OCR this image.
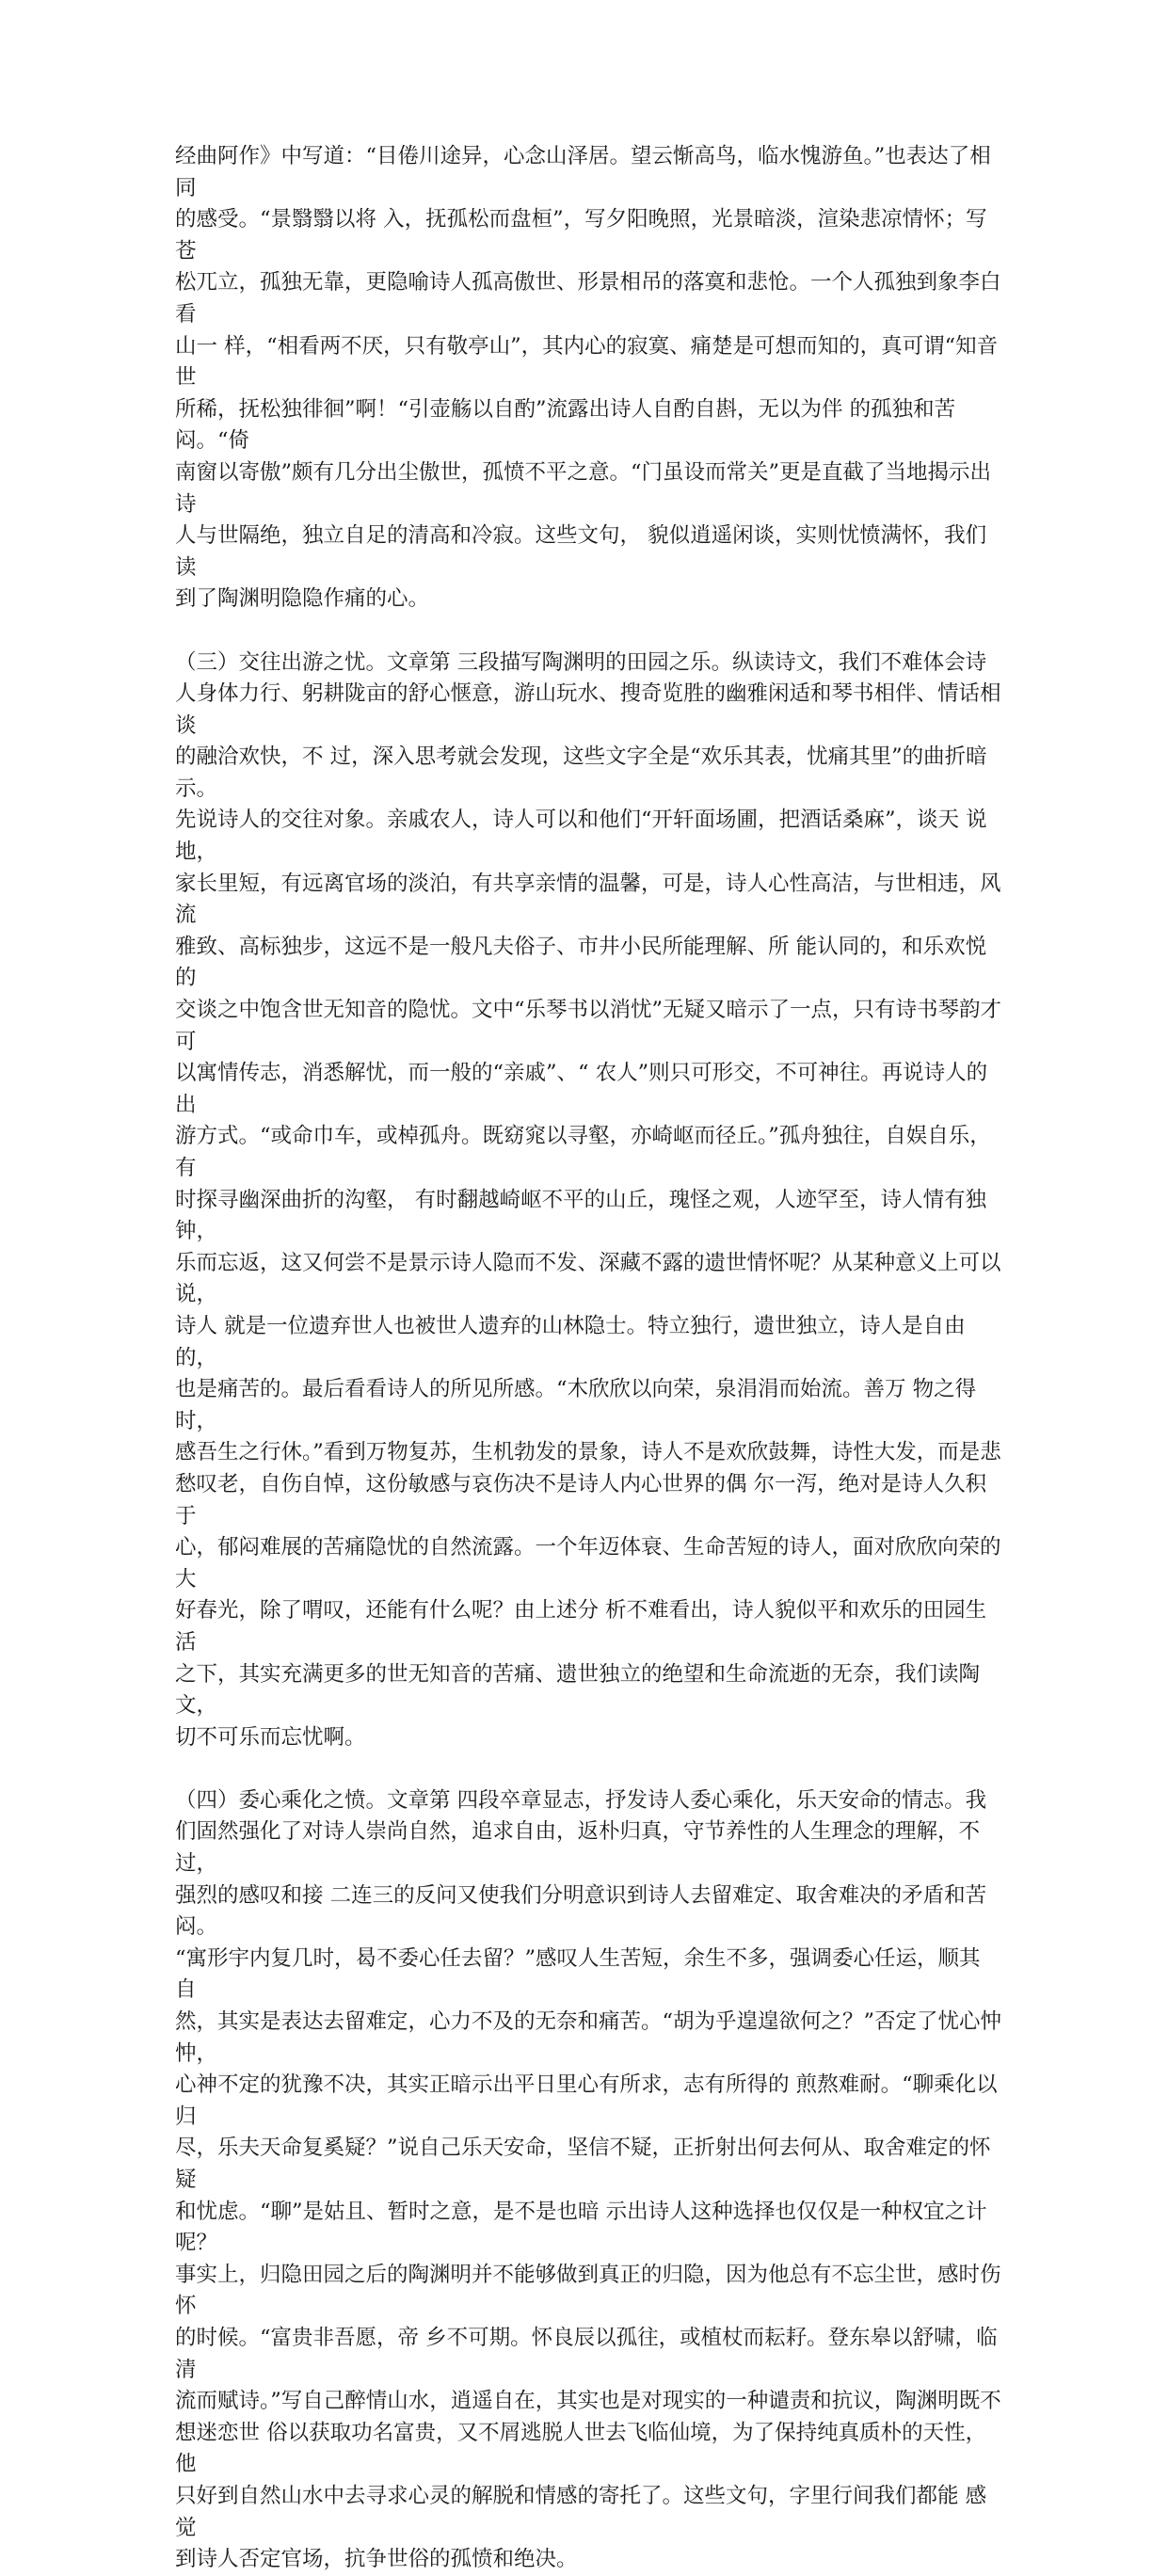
经曲阿作》中写道：“目倦川途异，心念山泽居。望云惭高鸟，临水愧游鱼。”也表达了相同
的感受。“景翳翳以将 入，抚孤松而盘桓”，写夕阳晚照，光景暗淡，渲染悲凉情怀；写苍
松兀立，孤独无靠，更隐喻诗人孤高傲世、形景相吊的落寞和悲怆。一个人孤独到象李白看
山一 样，“相看两不厌，只有敬亭山”，其内心的寂寞、痛楚是可想而知的，真可谓“知音世
所稀，抚松独徘徊”啊！“引壶觞以自酌”流露出诗人自酌自斟，无以为伴 的孤独和苦闷。“倚
南窗以寄傲”颇有几分出尘傲世，孤愤不平之意。“门虽设而常关”更是直截了当地揭示出诗
人与世隔绝，独立自足的清高和冷寂。这些文句， 貌似逍遥闲谈，实则忧愤满怀，我们读
到了陶渊明隐隐作痛的心。

（三）交往出游之忧。文章第 三段描写陶渊明的田园之乐。纵读诗文，我们不难体会诗
人身体力行、躬耕陇亩的舒心惬意，游山玩水、搜奇览胜的幽雅闲适和琴书相伴、情话相谈
的融洽欢快，不 过，深入思考就会发现，这些文字全是“欢乐其表，忧痛其里”的曲折暗示。
先说诗人的交往对象。亲戚农人，诗人可以和他们“开轩面场圃，把酒话桑麻”，谈天 说地，
家长里短，有远离官场的淡泊，有共享亲情的温馨，可是，诗人心性高洁，与世相违，风流
雅致、高标独步，这远不是一般凡夫俗子、市井小民所能理解、所 能认同的，和乐欢悦的
交谈之中饱含世无知音的隐忧。文中“乐琴书以消忧”无疑又暗示了一点，只有诗书琴韵才可
以寓情传志，消悉解忧，而一般的“亲戚”、“ 农人”则只可形交，不可神往。再说诗人的出
游方式。“或命巾车，或棹孤舟。既窈窕以寻壑，亦崎岖而径丘。”孤舟独往，自娱自乐，有
时探寻幽深曲折的沟壑， 有时翻越崎岖不平的山丘，瑰怪之观，人迹罕至，诗人情有独钟，
乐而忘返，这又何尝不是景示诗人隐而不发、深藏不露的遗世情怀呢？从某种意义上可以说，
诗人 就是一位遗弃世人也被世人遗弃的山林隐士。特立独行，遗世独立，诗人是自由的，
也是痛苦的。最后看看诗人的所见所感。“木欣欣以向荣，泉涓涓而始流。善万 物之得时，
感吾生之行休。”看到万物复苏，生机勃发的景象，诗人不是欢欣鼓舞，诗性大发，而是悲
愁叹老，自伤自悼，这份敏感与哀伤决不是诗人内心世界的偶 尔一泻，绝对是诗人久积于
心，郁闷难展的苦痛隐忧的自然流露。一个年迈体衰、生命苦短的诗人，面对欣欣向荣的大
好春光，除了喟叹，还能有什么呢？由上述分 析不难看出，诗人貌似平和欢乐的田园生活
之下，其实充满更多的世无知音的苦痛、遗世独立的绝望和生命流逝的无奈，我们读陶文，
切不可乐而忘忧啊。

（四）委心乘化之愤。文章第 四段卒章显志，抒发诗人委心乘化，乐天安命的情志。我
们固然强化了对诗人崇尚自然，追求自由，返朴归真，守节养性的人生理念的理解，不过，
强烈的感叹和接 二连三的反问又使我们分明意识到诗人去留难定、取舍难决的矛盾和苦闷。
“寓形宇内复几时，曷不委心任去留？”感叹人生苦短，余生不多，强调委心任运，顺其 自
然，其实是表达去留难定，心力不及的无奈和痛苦。“胡为乎遑遑欲何之？”否定了忧心忡忡，
心神不定的犹豫不决，其实正暗示出平日里心有所求，志有所得的 煎熬难耐。“聊乘化以归
尽，乐夫天命复奚疑？”说自己乐天安命，坚信不疑，正折射出何去何从、取舍难定的怀疑
和忧虑。“聊”是姑且、暂时之意，是不是也暗 示出诗人这种选择也仅仅是一种权宜之计呢？
事实上，归隐田园之后的陶渊明并不能够做到真正的归隐，因为他总有不忘尘世，感时伤怀
的时候。“富贵非吾愿，帝 乡不可期。怀良辰以孤往，或植杖而耘耔。登东皋以舒啸，临清
流而赋诗。”写自己醉情山水，逍遥自在，其实也是对现实的一种谴责和抗议，陶渊明既不
想迷恋世 俗以获取功名富贵，又不屑逃脱人世去飞临仙境，为了保持纯真质朴的天性，他
只好到自然山水中去寻求心灵的解脱和情感的寄托了。这些文句，字里行间我们都能 感觉
到诗人否定官场，抗争世俗的孤愤和绝决。
